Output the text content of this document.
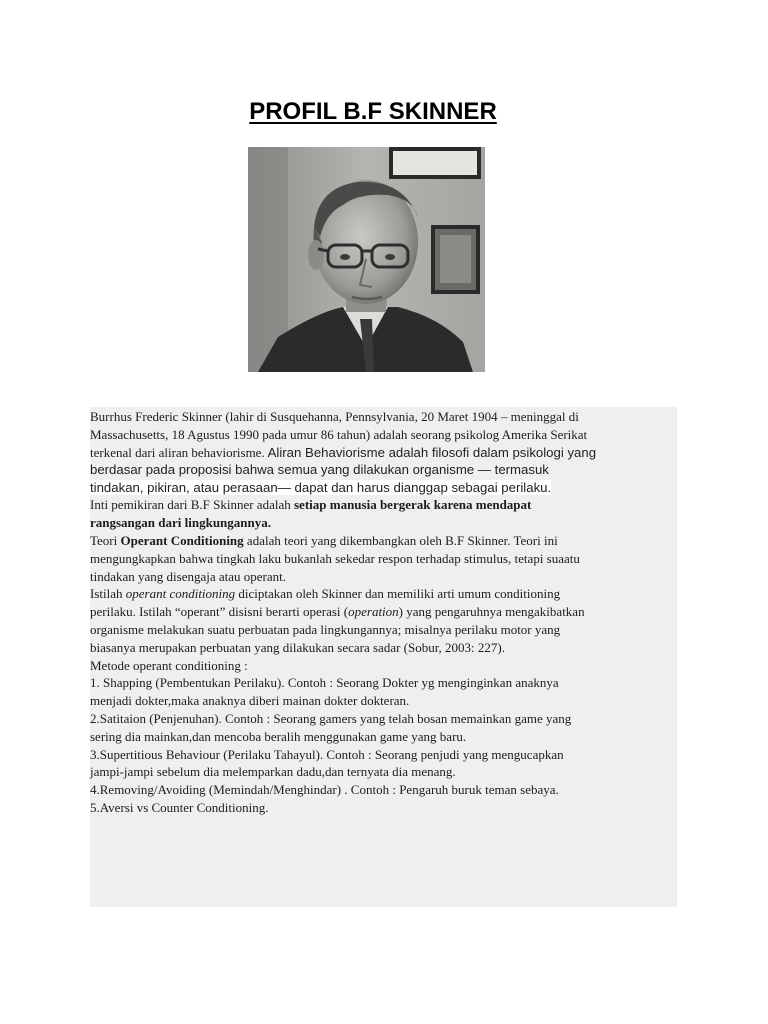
PROFIL B.F SKINNER

Burrhus Frederic Skinner (lahir di Susquehanna, Pennsylvania, 20 Maret 1904 – meninggal di

Massachusetts, 18 Agustus 1990 pada umur 86 tahun) adalah seorang psikolog Amerika Serikat

terkenal dari aliran behaviorisme. Aliran Behaviorisme adalah filosofi dalam psikologi yang

berdasar pada proposisi bahwa semua yang dilakukan organisme — termasuk

tindakan, pikiran, atau perasaan— dapat dan harus dianggap sebagai perilaku.

Inti pemikiran dari B.F Skinner adalah setiap manusia bergerak karena mendapat

rangsangan dari lingkungannya.

Teori Operant Conditioning adalah teori yang dikembangkan oleh B.F Skinner. Teori ini

mengungkapkan bahwa tingkah laku bukanlah sekedar respon terhadap stimulus, tetapi suaatu

tindakan yang disengaja atau operant.

Istilah operant conditioning diciptakan oleh Skinner dan memiliki arti umum conditioning

perilaku. Istilah “operant” disisni berarti operasi (operation) yang pengaruhnya mengakibatkan

organisme melakukan suatu perbuatan pada lingkungannya; misalnya perilaku motor yang

biasanya merupakan perbuatan yang dilakukan secara sadar (Sobur, 2003: 227).

Metode operant conditioning :

1. Shapping (Pembentukan Perilaku). Contoh : Seorang Dokter yg menginginkan anaknya

menjadi dokter,maka anaknya diberi mainan dokter dokteran.

2.Satitaion (Penjenuhan). Contoh : Seorang gamers yang telah bosan memainkan game yang

sering dia mainkan,dan mencoba beralih menggunakan game yang baru.

3.Supertitious Behaviour (Perilaku Tahayul). Contoh : Seorang penjudi yang mengucapkan

jampi-jampi sebelum dia melemparkan dadu,dan ternyata dia menang.

4.Removing/Avoiding (Memindah/Menghindar) . Contoh : Pengaruh buruk teman sebaya.

5.Aversi vs Counter Conditioning.
